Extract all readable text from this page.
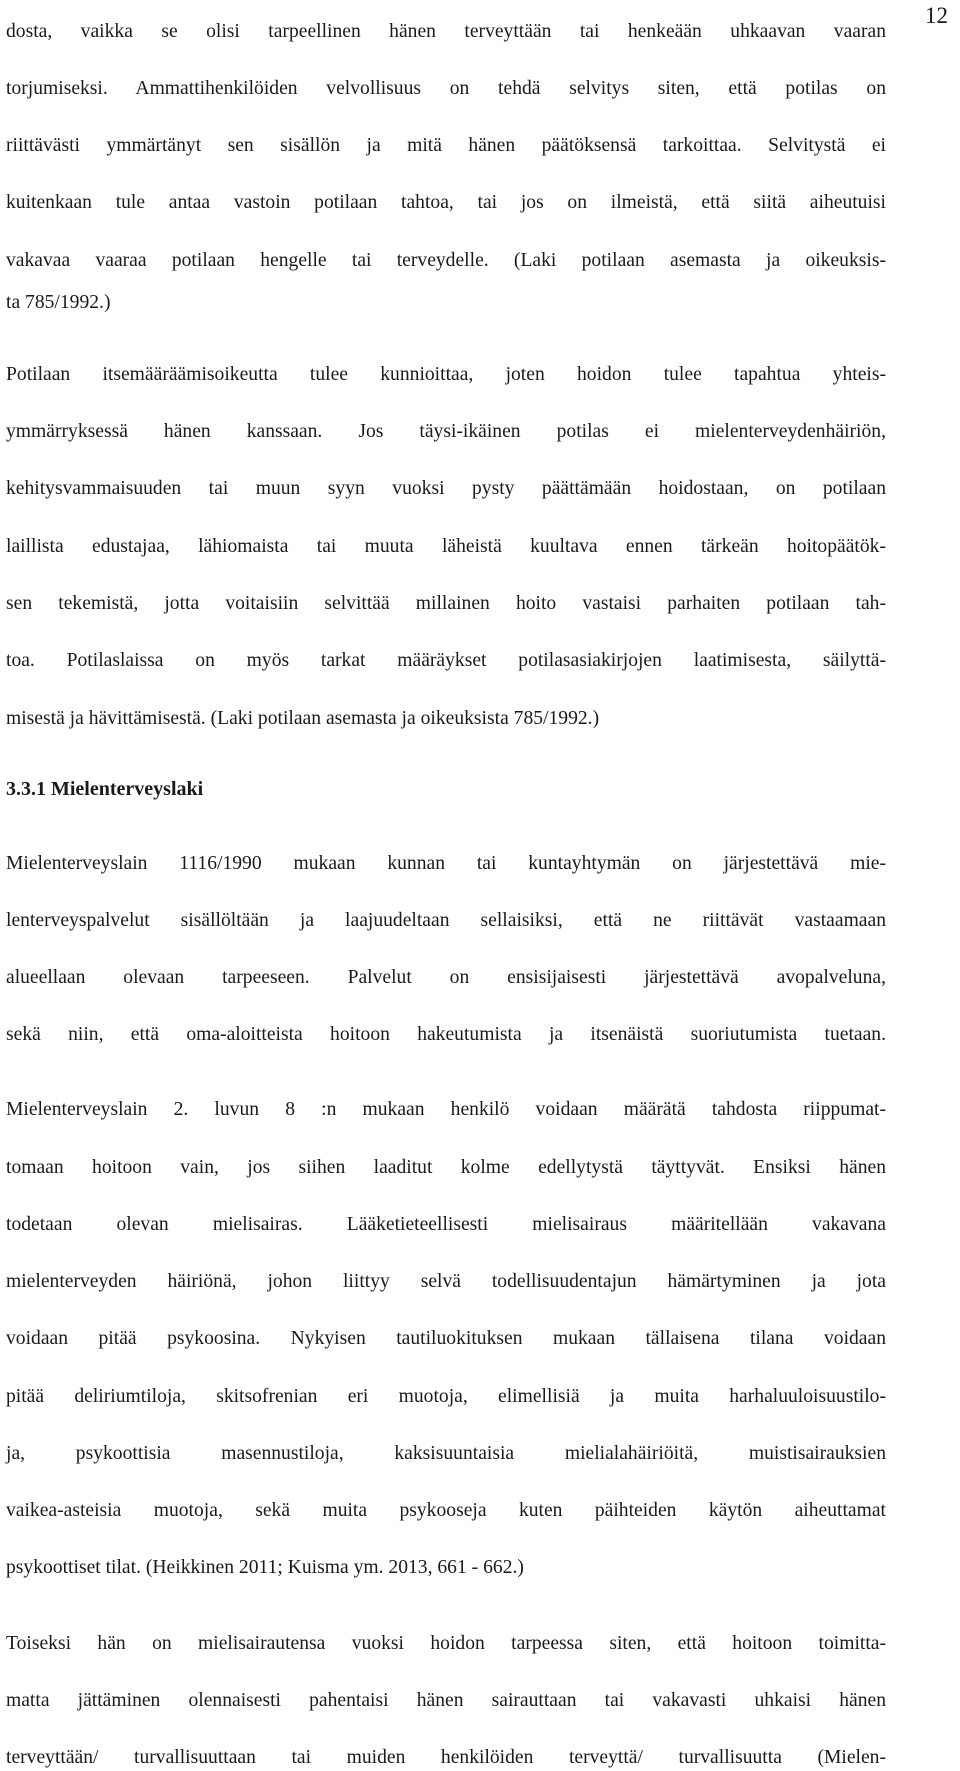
12
dosta, vaikka se olisi tarpeellinen hänen terveyttään tai henkeään uhkaavan vaaran
torjumiseksi. Ammattihenkilöiden velvollisuus on tehdä selvitys siten, että potilas on
riittävästi ymmärtänyt sen sisällön ja mitä hänen päätöksensä tarkoittaa. Selvitystä ei
kuitenkaan tule antaa vastoin potilaan tahtoa, tai jos on ilmeistä, että siitä aiheutuisi
vakavaa vaaraa potilaan hengelle tai terveydelle. (Laki potilaan asemasta ja oikeuksis-
ta 785/1992.)
Potilaan itsemääräämisoikeutta tulee kunnioittaa, joten hoidon tulee tapahtua yhteis-
ymmärryksessä hänen kanssaan. Jos täysi-ikäinen potilas ei mielenterveydenhäiriön,
kehitysvammaisuuden tai muun syyn vuoksi pysty päättämään hoidostaan, on potilaan
laillista edustajaa, lähiomaista tai muuta läheistä kuultava ennen tärkeän hoitopäätök-
sen tekemistä, jotta voitaisiin selvittää millainen hoito vastaisi parhaiten potilaan tah-
toa. Potilaslaissa on myös tarkat määräykset potilasasiakirjojen laatimisesta, säilyttä-
misestä ja hävittämisestä. (Laki potilaan asemasta ja oikeuksista 785/1992.)
3.3.1 Mielenterveyslaki
Mielenterveyslain 1116/1990 mukaan kunnan tai kuntayhtymän on järjestettävä mie-
lenterveyspalvelut sisällöltään ja laajuudeltaan sellaisiksi, että ne riittävät vastaamaan
alueellaan olevaan tarpeeseen. Palvelut on ensisijaisesti järjestettävä avopalveluna,
sekä niin, että oma-aloitteista hoitoon hakeutumista ja itsenäistä suoriutumista tuetaan.
Mielenterveyslain 2. luvun 8 :n mukaan henkilö voidaan määrätä tahdosta riippumat-
tomaan hoitoon vain, jos siihen laaditut kolme edellytystä täyttyvät. Ensiksi hänen
todetaan olevan mielisairas. Lääketieteellisesti mielisairaus määritellään vakavana
mielenterveyden häiriönä, johon liittyy selvä todellisuudentajun hämärtyminen ja jota
voidaan pitää psykoosina. Nykyisen tautiluokituksen mukaan tällaisena tilana voidaan
pitää deliriumtiloja, skitsofrenian eri muotoja, elimellisiä ja muita harhaluuloisuustilo-
ja, psykoottisia masennustiloja, kaksisuuntaisia mielialahäiriöitä, muistisairauksien
vaikea-asteisia muotoja, sekä muita psykooseja kuten päihteiden käytön aiheuttamat
psykoottiset tilat. (Heikkinen 2011; Kuisma ym. 2013, 661 - 662.)
Toiseksi hän on mielisairautensa vuoksi hoidon tarpeessa siten, että hoitoon toimitta-
matta jättäminen olennaisesti pahentaisi hänen sairauttaan tai vakavasti uhkaisi hänen
terveyttään/ turvallisuuttaan tai muiden henkilöiden terveyttä/ turvallisuutta (Mielen-
